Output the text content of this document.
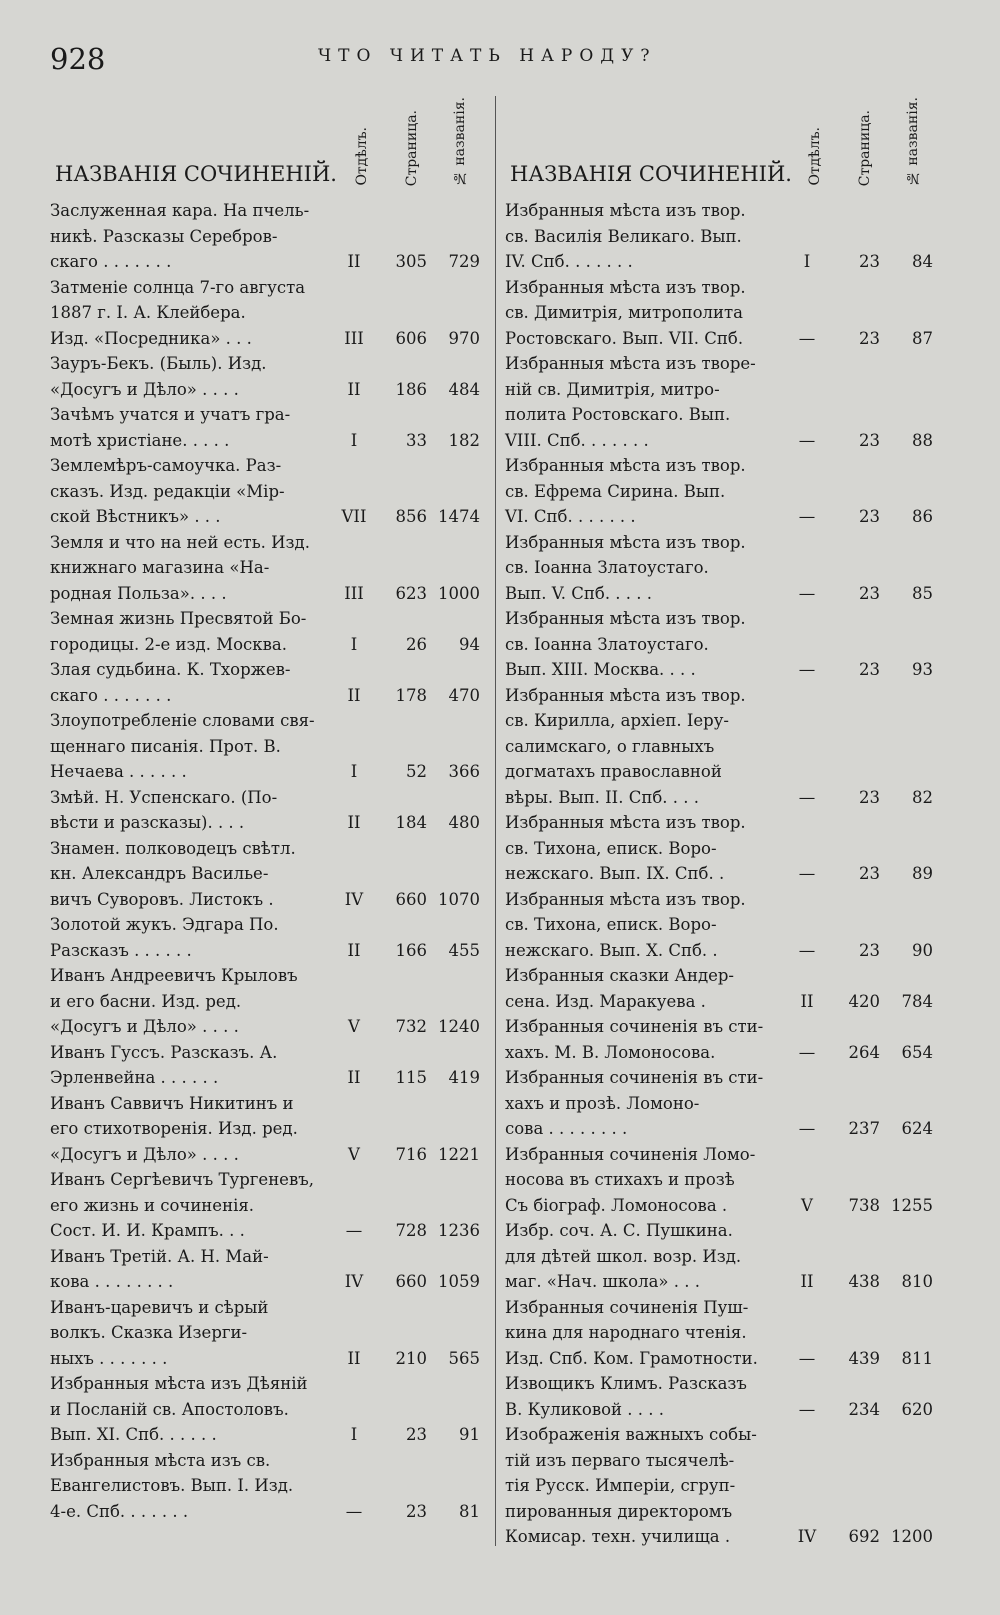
928	ЧТО ЧИТАТЬ НАРОДУ?
НАЗВАНІЯ СОЧИНЕНІЙ. Отдѣлъ. Страница. № названія.
Заслуженная кара. На пчель-
никѣ. Разсказы Серебров-
скаго . . . . . . .	II	305	729
Затменіе солнца 7-го августа
1887 г. І. А. Клейбера.
Изд. «Посредника» . . .	III	606	970
Зауръ-Бекъ. (Быль). Изд.
«Досугъ и Дѣло» . . . .	II	186	484
Зачѣмъ учатся и учатъ гра-
мотѣ христіане. . . . .	I	33	182
Землемѣръ-самоучка. Раз-
сказъ. Изд. редакціи «Мір-
ской Вѣстникъ» . . .	VII	856 1474
Земля и что на ней есть. Изд.
книжнаго магазина «На-
родная Польза». . . .	III	623 1000
Земная жизнь Пресвятой Бо-
городицы. 2-е изд. Москва.	I	26	94
Злая судьбина. К. Тхоржев-
скаго . . . . . . .	II	178	470
Злоупотребленіе словами свя-
щеннаго писанія. Прот. В.
Нечаева . . . . . .	I	52	366
Змѣй. Н. Успенскаго. (По-
вѣсти и разсказы). . . .	II	184	480
Знамен. полководецъ свѣтл.
кн. Александръ Василье-
вичъ Суворовъ. Листокъ .	IV	660 1070
Золотой жукъ. Эдгара По.
Разсказъ . . . . . .	II	166	455
Иванъ Андреевичъ Крыловъ
и его басни. Изд. ред.
«Досугъ и Дѣло» . . . .	V	732 1240
Иванъ Гуссъ. Разсказъ. А.
Эрленвейна . . . . . .	II	115	419
Иванъ Саввичъ Никитинъ и
его стихотворенія. Изд. ред.
«Досугъ и Дѣло» . . . .	V	716 1221
Иванъ Сергѣевичъ Тургеневъ,
его жизнь и сочиненія.
Сост. И. И. Крампъ. . .	—	728 1236
Иванъ Третій. А. Н. Май-
кова . . . . . . . .	IV	660 1059
Иванъ-царевичъ и сѣрый
волкъ. Сказка Изерги-
ныхъ . . . . . . .	II	210	565
Избранныя мѣста изъ Дѣяній
и Посланій св. Апостоловъ.
Вып. XI. Спб. . . . . .	I	23	91
Избранныя мѣста изъ св.
Евангелистовъ. Вып. I. Изд.
4-е. Спб. . . . . . .	—	23	81
НАЗВАНІЯ СОЧИНЕНІЙ. Отдѣлъ. Страница. № названія.
Избранныя мѣста изъ твор.
св. Василія Великаго. Вып.
IV. Спб. . . . . . .	I	23	84
Избранныя мѣста изъ твор.
св. Димитрія, митрополита
Ростовскаго. Вып. VII. Спб.	—	23	87
Избранныя мѣста изъ творе-
ній св. Димитрія, митро-
полита Ростовскаго. Вып.
VIII. Спб. . . . . . .	—	23	88
Избранныя мѣста изъ твор.
св. Ефрема Сирина. Вып.
VI. Спб. . . . . . .	—	23	86
Избранныя мѣста изъ твор.
св. Іоанна Златоустаго.
Вып. V. Спб. . . . .	—	23	85
Избранныя мѣста изъ твор.
св. Іоанна Златоустаго.
Вып. XIII. Москва. . . .	—	23	93
Избранныя мѣста изъ твор.
св. Кирилла, архіеп. Іеру-
салимскаго, о главныхъ
догматахъ православной
вѣры. Вып. II. Спб. . . .	—	23	82
Избранныя мѣста изъ твор.
св. Тихона, еписк. Воро-
нежскаго. Вып. IX. Спб. .	—	23	89
Избранныя мѣста изъ твор.
св. Тихона, еписк. Воро-
нежскаго. Вып. X. Спб. .	—	23	90
Избранныя сказки Андер-
сена. Изд. Маракуева .	II	420	784
Избранныя сочиненія въ сти-
хахъ. М. В. Ломоносова.	—	264	654
Избранныя сочиненія въ сти-
хахъ и прозѣ. Ломоно-
сова . . . . . . . .	—	237	624
Избранныя сочиненія Ломо-
носова въ стихахъ и прозѣ
Съ біограф. Ломоносова .	V	738 1255
Избр. соч. А. С. Пушкина.
для дѣтей школ. возр. Изд.
маг. «Нач. школа» . . .	II	438	810
Избранныя сочиненія Пуш-
кина для народнаго чтенія.
Изд. Спб. Ком. Грамотности.	—	439	811
Извощикъ Климъ. Разсказъ
В. Куликовой . . . .	—	234	620
Изображенія важныхъ собы-
тій изъ перваго тысячелѣ-
тія Русск. Имперіи, сгруп-
пированныя директоромъ
Комисар. техн. училища .	IV	692 1200
